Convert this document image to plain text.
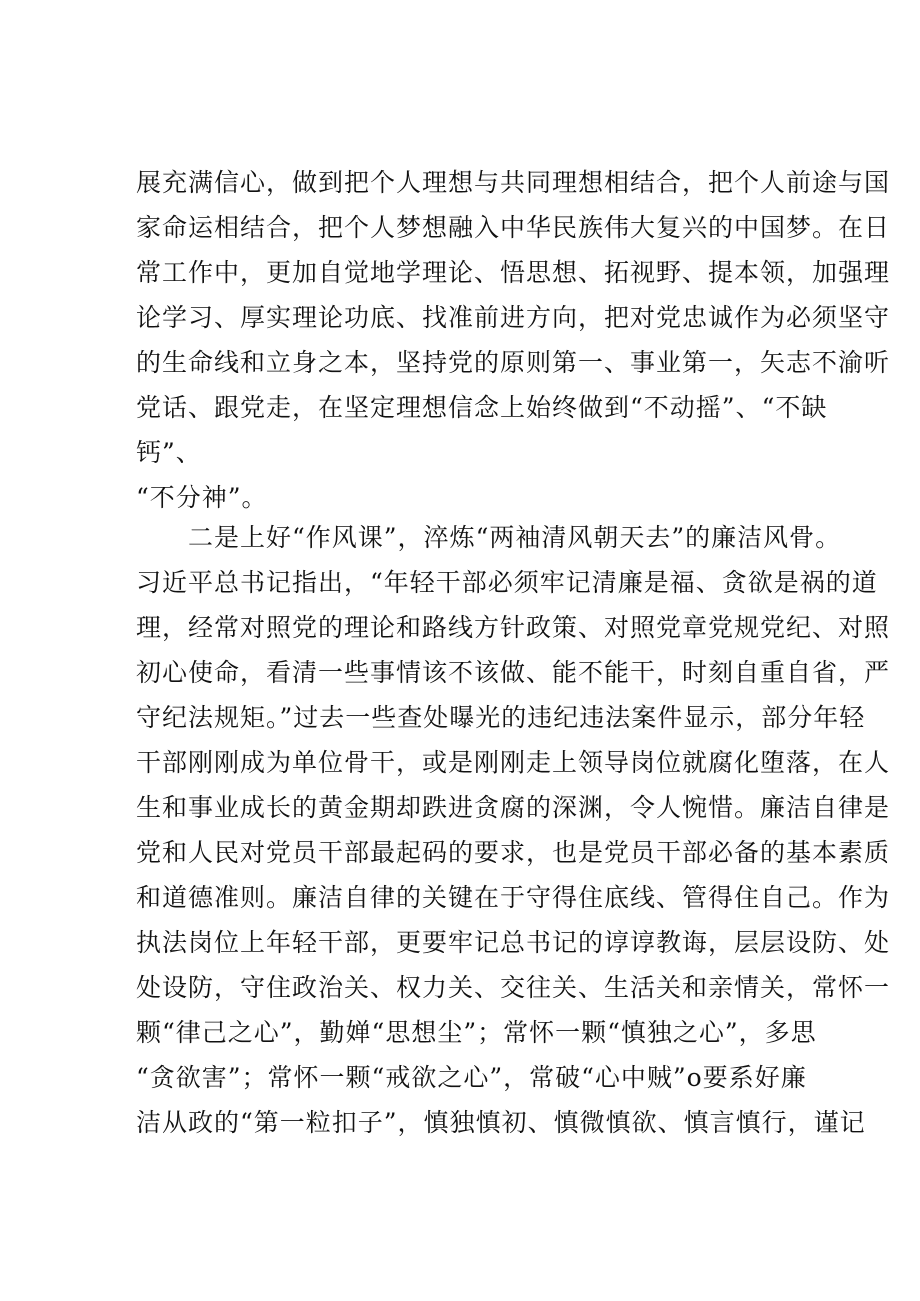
展充满信心，做到把个人理想与共同理想相结合，把个人前途与国
家命运相结合，把个人梦想融入中华民族伟大复兴的中国梦。在日
常工作中，更加自觉地学理论、悟思想、拓视野、提本领，加强理
论学习、厚实理论功底、找准前进方向，把对党忠诚作为必须坚守
的生命线和立身之本，坚持党的原则第一、事业第一，矢志不渝听
党话、跟党走，在坚定理想信念上始终做到“不动摇”、“不缺
钙”、
“不分神”。
　　二是上好“作风课”，淬炼“两袖清风朝天去”的廉洁风骨。
习近平总书记指出，“年轻干部必须牢记清廉是福、贪欲是祸的道
理，经常对照党的理论和路线方针政策、对照党章党规党纪、对照
初心使命，看清一些事情该不该做、能不能干，时刻自重自省，严
守纪法规矩。”过去一些查处曝光的违纪违法案件显示，部分年轻
干部刚刚成为单位骨干，或是刚刚走上领导岗位就腐化堕落，在人
生和事业成长的黄金期却跌进贪腐的深渊，令人惋惜。廉洁自律是
党和人民对党员干部最起码的要求，也是党员干部必备的基本素质
和道德准则。廉洁自律的关键在于守得住底线、管得住自己。作为
执法岗位上年轻干部，更要牢记总书记的谆谆教诲，层层设防、处
处设防，守住政治关、权力关、交往关、生活关和亲情关，常怀一
颗“律己之心”，勤婵“思想尘”；常怀一颗“慎独之心”，多思
“贪欲害”；常怀一颗“戒欲之心”，常破“心中贼”o要系好廉
洁从政的“第一粒扣子”，慎独慎初、慎微慎欲、慎言慎行，谨记
